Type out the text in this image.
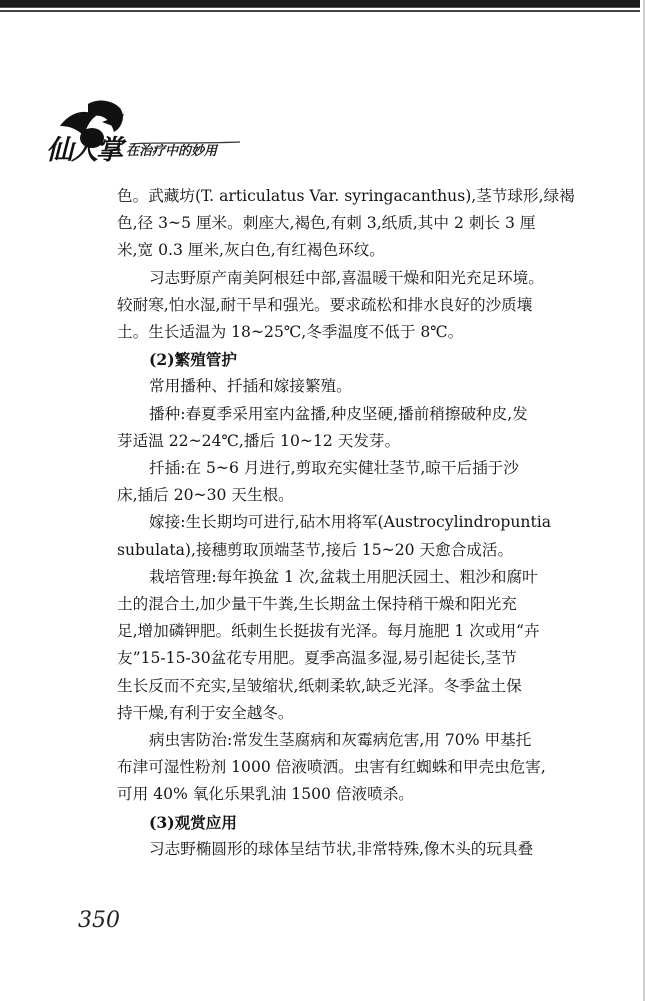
仙人掌 在治疗中的妙用

色。武藏坊(T. articulatus Var. syringacanthus),茎节球形,绿褐

色,径 3~5 厘米。刺座大,褐色,有刺 3,纸质,其中 2 刺长 3 厘

米,宽 0.3 厘米,灰白色,有红褐色环纹。

习志野原产南美阿根廷中部,喜温暖干燥和阳光充足环境。

较耐寒,怕水湿,耐干旱和强光。要求疏松和排水良好的沙质壤

土。生长适温为 18~25℃,冬季温度不低于 8℃。

(2)繁殖管护

常用播种、扦插和嫁接繁殖。

播种:春夏季采用室内盆播,种皮坚硬,播前稍擦破种皮,发

芽适温 22~24℃,播后 10~12 天发芽。

扦插:在 5~6 月进行,剪取充实健壮茎节,晾干后插于沙

床,插后 20~30 天生根。

嫁接:生长期均可进行,砧木用将军(Austrocylindropuntia

subulata),接穗剪取顶端茎节,接后 15~20 天愈合成活。

栽培管理:每年换盆 1 次,盆栽土用肥沃园土、粗沙和腐叶

土的混合土,加少量干牛粪,生长期盆土保持稍干燥和阳光充

足,增加磷钾肥。纸刺生长挺拔有光泽。每月施肥 1 次或用“卉

友”15-15-30盆花专用肥。夏季高温多湿,易引起徒长,茎节

生长反而不充实,呈皱缩状,纸刺柔软,缺乏光泽。冬季盆土保

持干燥,有利于安全越冬。

病虫害防治:常发生茎腐病和灰霉病危害,用 70% 甲基托

布津可湿性粉剂 1000 倍液喷洒。虫害有红蜘蛛和甲壳虫危害,

可用 40% 氧化乐果乳油 1500 倍液喷杀。

(3)观赏应用

习志野椭圆形的球体呈结节状,非常特殊,像木头的玩具叠

350
